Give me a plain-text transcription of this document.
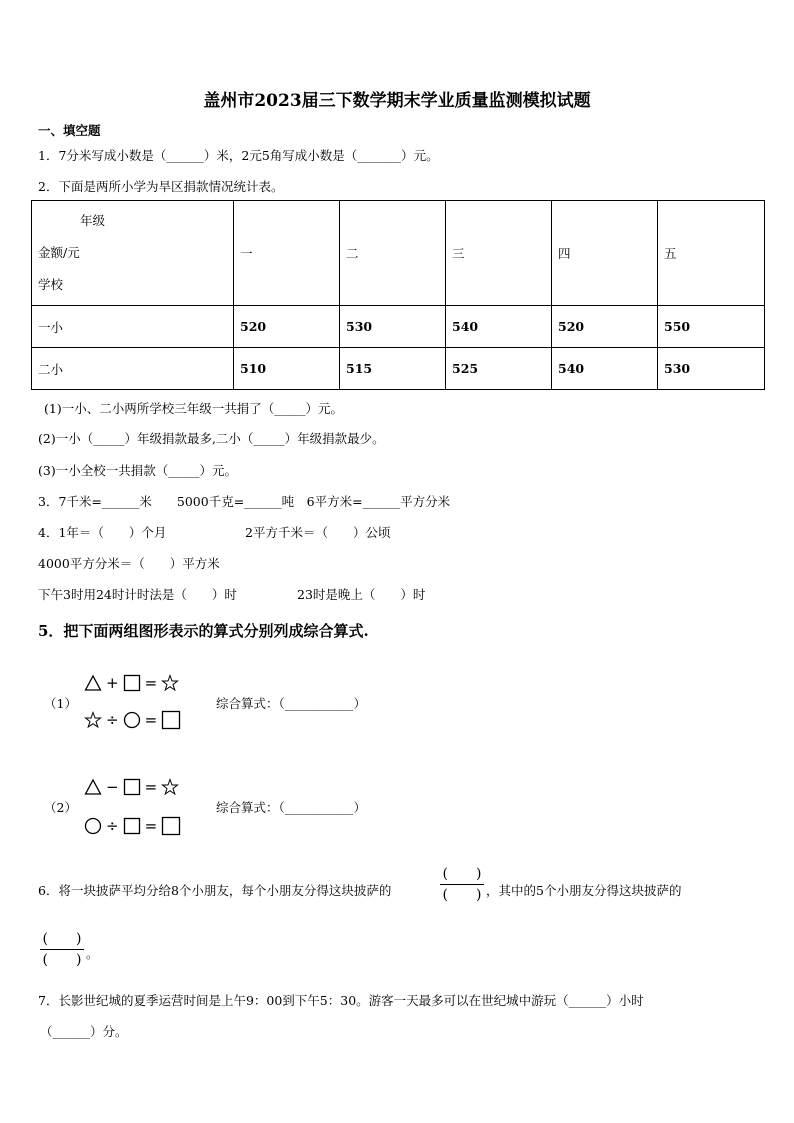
盖州市2023届三下数学期末学业质量监测模拟试题
一、填空题
1．7分米写成小数是（______）米，2元5角写成小数是（_______）元。
2．下面是两所小学为旱区捐款情况统计表。
年级
金额/元
学校	一	二	三	四	五
一小	520	530	540	520	550
二小	510	515	525	540	530
(1)一小、二小两所学校三年级一共捐了（_____）元。
(2)一小（_____）年级捐款最多,二小（_____）年级捐款最少。
(3)一小全校一共捐款（_____）元。
3．7千米=______米　　5000千克=______吨　6平方米=______平方分米
4．1年＝（　　）个月	2平方千米＝（　　）公顷
4000平方分米＝（　　）平方米
下午3时用24时计时法是（　　）时	23时是晚上（　　）时
5．把下面两组图形表示的算式分别列成综合算式.
（1）
+ =
÷ =
综合算式：（___________）
（2）
− =
÷ =
综合算式：（___________）
6．将一块披萨平均分给8个小朋友，每个小朋友分得这块披萨的
(　　)
(　　) ，其中的5个小朋友分得这块披萨的
(　　)
(　　) 。
7．长影世纪城的夏季运营时间是上午9：00到下午5：30。游客一天最多可以在世纪城中游玩（______）小时
（______）分。
